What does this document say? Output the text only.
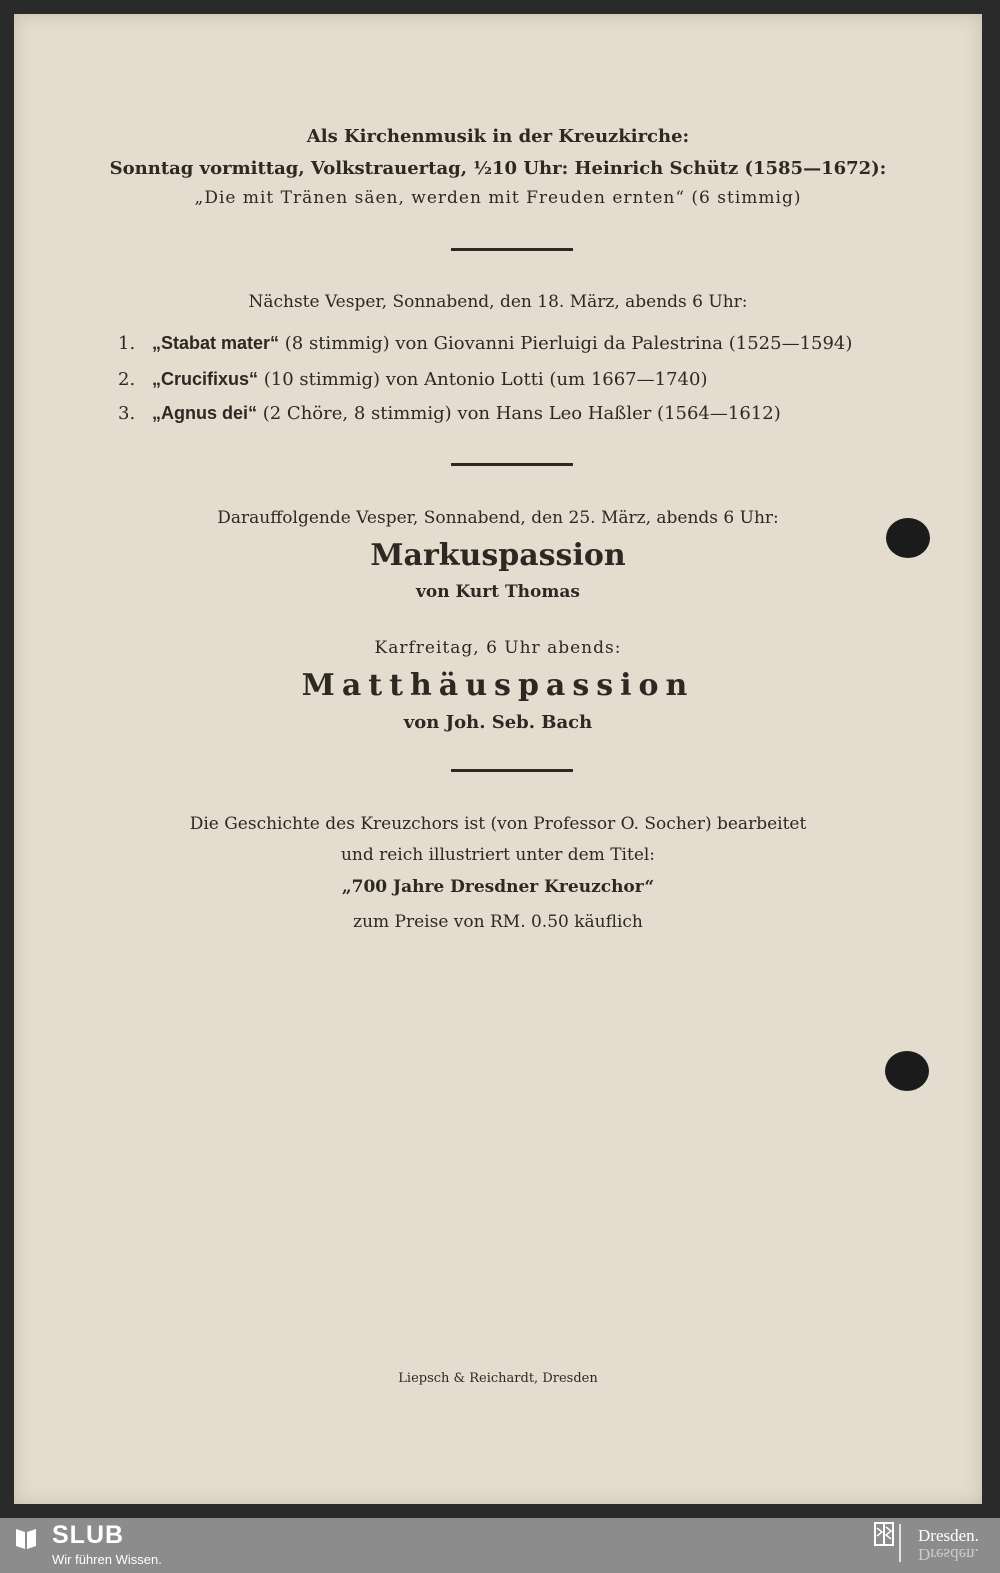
Als Kirchenmusik in der Kreuzkirche:
Sonntag vormittag, Volkstrauertag, ½10 Uhr: Heinrich Schütz (1585—1672):
„Die mit Tränen säen, werden mit Freuden ernten“ (6 stimmig)
Nächste Vesper, Sonnabend, den 18. März, abends 6 Uhr:
1. „Stabat mater“ (8 stimmig) von Giovanni Pierluigi da Palestrina (1525—1594)
2. „Crucifixus“ (10 stimmig) von Antonio Lotti (um 1667—1740)
3. „Agnus dei“ (2 Chöre, 8 stimmig) von Hans Leo Haßler (1564—1612)
Darauffolgende Vesper, Sonnabend, den 25. März, abends 6 Uhr:
Markuspassion
von Kurt Thomas
Karfreitag, 6 Uhr abends:
Matthäuspassion
von Joh. Seb. Bach
Die Geschichte des Kreuzchors ist (von Professor O. Socher) bearbeitet
und reich illustriert unter dem Titel:
„700 Jahre Dresdner Kreuzchor“
zum Preise von RM. 0.50 käuflich
Liepsch & Reichardt, Dresden
SLUB
Wir führen Wissen.
Dresden.
Dresden.
